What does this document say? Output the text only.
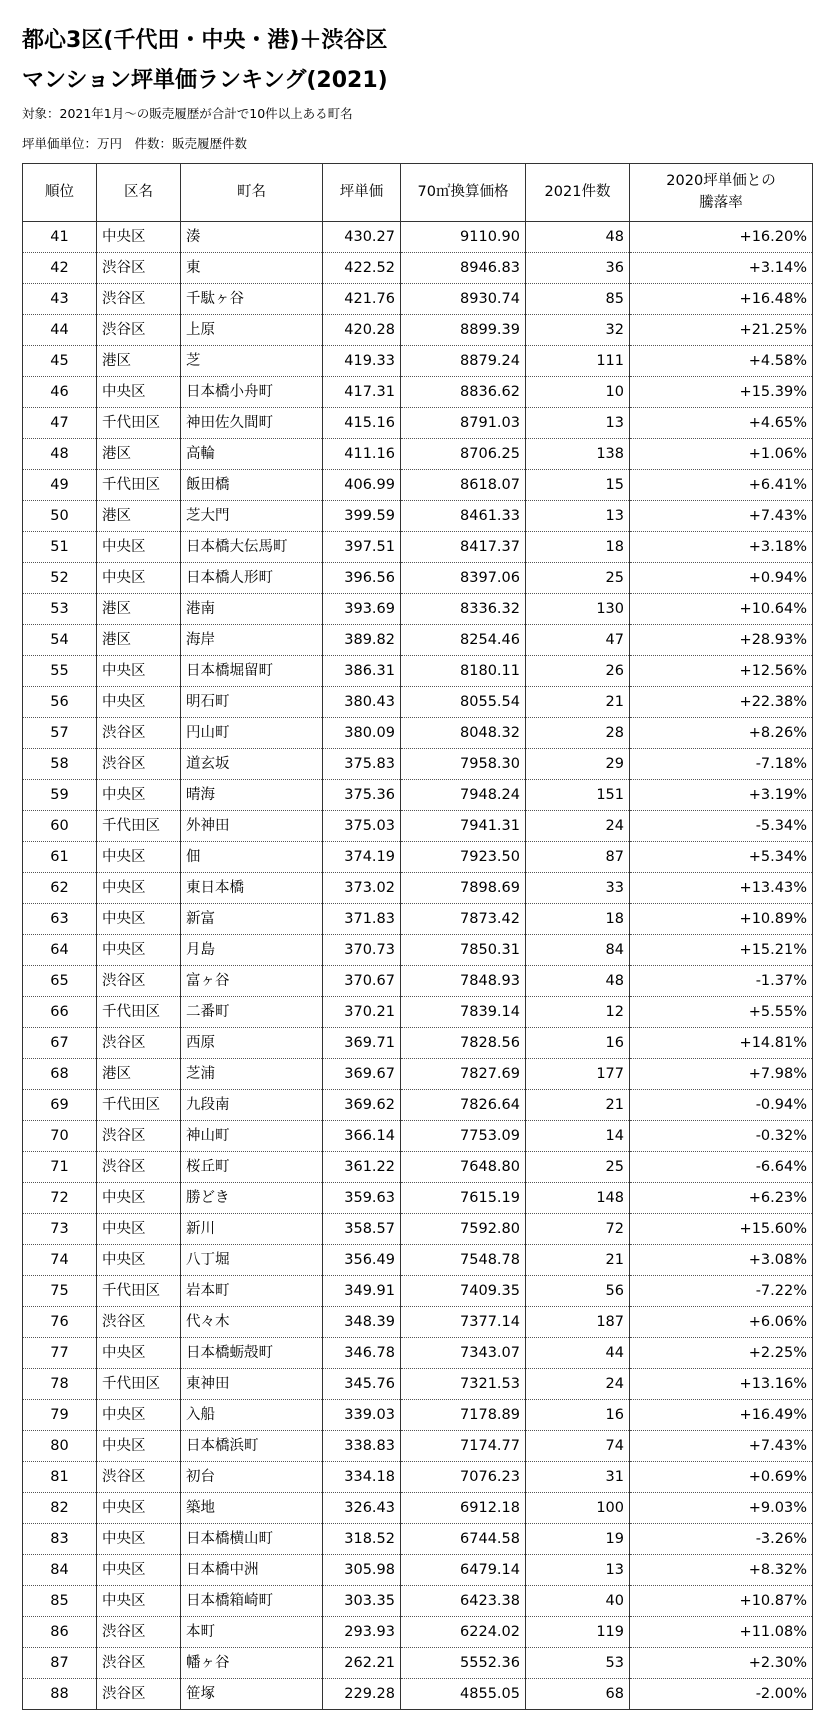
都心3区(千代田・中央・港)＋渋谷区
マンション坪単価ランキング(2021)
対象：2021年1月～の販売履歴が合計で10件以上ある町名
坪単価単位：万円　件数：販売履歴件数
順位	区名	町名	坪単価	70㎡換算価格	2021件数	2020坪単価との
騰落率
41	中央区	湊	430.27	9110.90	48	+16.20%
42	渋谷区	東	422.52	8946.83	36	+3.14%
43	渋谷区	千駄ヶ谷	421.76	8930.74	85	+16.48%
44	渋谷区	上原	420.28	8899.39	32	+21.25%
45	港区	芝	419.33	8879.24	111	+4.58%
46	中央区	日本橋小舟町	417.31	8836.62	10	+15.39%
47	千代田区	神田佐久間町	415.16	8791.03	13	+4.65%
48	港区	高輪	411.16	8706.25	138	+1.06%
49	千代田区	飯田橋	406.99	8618.07	15	+6.41%
50	港区	芝大門	399.59	8461.33	13	+7.43%
51	中央区	日本橋大伝馬町	397.51	8417.37	18	+3.18%
52	中央区	日本橋人形町	396.56	8397.06	25	+0.94%
53	港区	港南	393.69	8336.32	130	+10.64%
54	港区	海岸	389.82	8254.46	47	+28.93%
55	中央区	日本橋堀留町	386.31	8180.11	26	+12.56%
56	中央区	明石町	380.43	8055.54	21	+22.38%
57	渋谷区	円山町	380.09	8048.32	28	+8.26%
58	渋谷区	道玄坂	375.83	7958.30	29	-7.18%
59	中央区	晴海	375.36	7948.24	151	+3.19%
60	千代田区	外神田	375.03	7941.31	24	-5.34%
61	中央区	佃	374.19	7923.50	87	+5.34%
62	中央区	東日本橋	373.02	7898.69	33	+13.43%
63	中央区	新富	371.83	7873.42	18	+10.89%
64	中央区	月島	370.73	7850.31	84	+15.21%
65	渋谷区	富ヶ谷	370.67	7848.93	48	-1.37%
66	千代田区	二番町	370.21	7839.14	12	+5.55%
67	渋谷区	西原	369.71	7828.56	16	+14.81%
68	港区	芝浦	369.67	7827.69	177	+7.98%
69	千代田区	九段南	369.62	7826.64	21	-0.94%
70	渋谷区	神山町	366.14	7753.09	14	-0.32%
71	渋谷区	桜丘町	361.22	7648.80	25	-6.64%
72	中央区	勝どき	359.63	7615.19	148	+6.23%
73	中央区	新川	358.57	7592.80	72	+15.60%
74	中央区	八丁堀	356.49	7548.78	21	+3.08%
75	千代田区	岩本町	349.91	7409.35	56	-7.22%
76	渋谷区	代々木	348.39	7377.14	187	+6.06%
77	中央区	日本橋蛎殻町	346.78	7343.07	44	+2.25%
78	千代田区	東神田	345.76	7321.53	24	+13.16%
79	中央区	入船	339.03	7178.89	16	+16.49%
80	中央区	日本橋浜町	338.83	7174.77	74	+7.43%
81	渋谷区	初台	334.18	7076.23	31	+0.69%
82	中央区	築地	326.43	6912.18	100	+9.03%
83	中央区	日本橋横山町	318.52	6744.58	19	-3.26%
84	中央区	日本橋中洲	305.98	6479.14	13	+8.32%
85	中央区	日本橋箱崎町	303.35	6423.38	40	+10.87%
86	渋谷区	本町	293.93	6224.02	119	+11.08%
87	渋谷区	幡ヶ谷	262.21	5552.36	53	+2.30%
88	渋谷区	笹塚	229.28	4855.05	68	-2.00%
